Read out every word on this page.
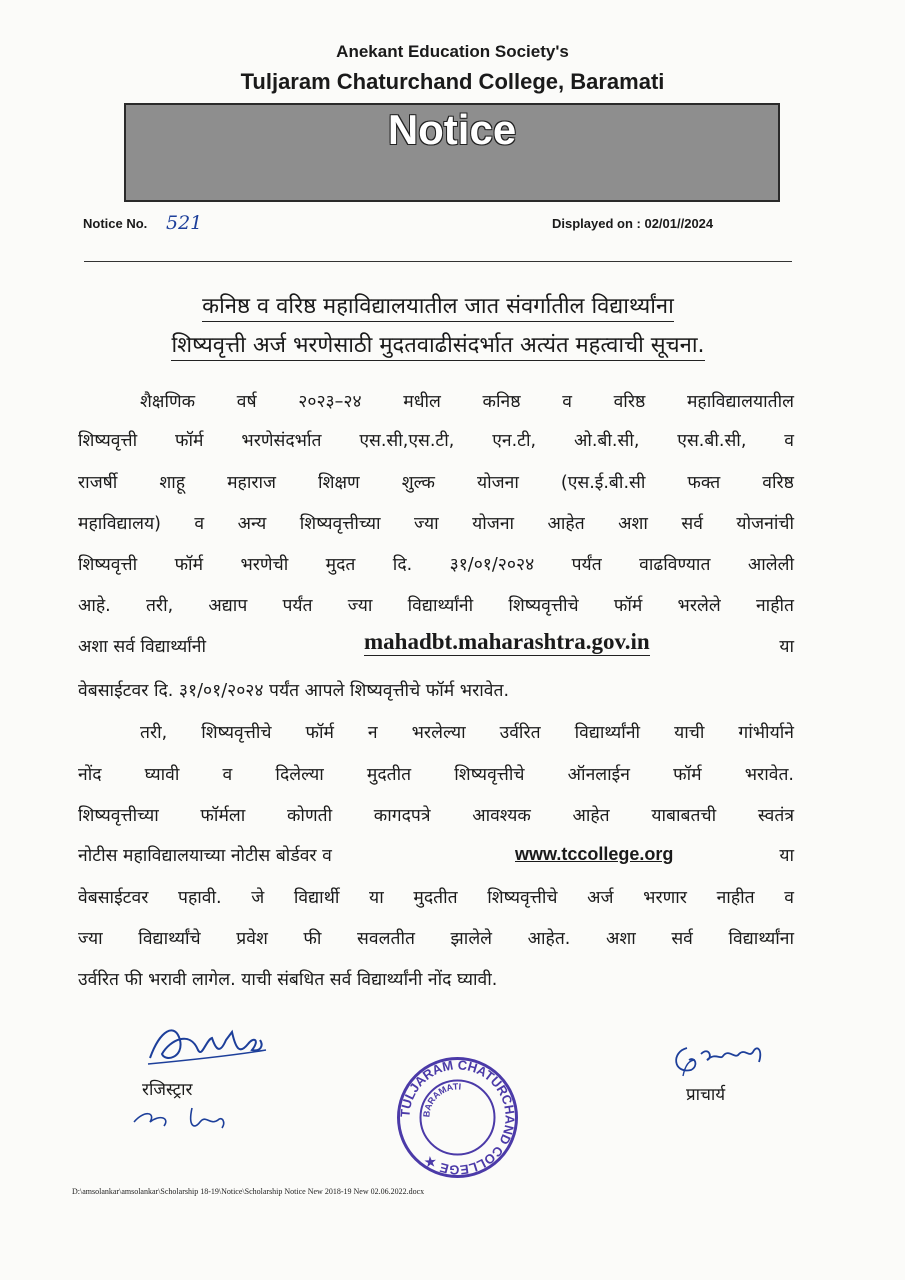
Anekant Education Society's
Tuljaram Chaturchand College, Baramati
Notice
Notice No. 521	Displayed on : 02/01//2024
कनिष्ठ व वरिष्ठ महाविद्यालयातील जात संवर्गातील विद्यार्थ्यांना
शिष्यवृत्ती अर्ज भरणेसाठी मुदतवाढीसंदर्भात अत्यंत महत्वाची सूचना.
शैक्षणिक वर्ष २०२३–२४ मधील कनिष्ठ व वरिष्ठ महाविद्यालयातील
शिष्यवृत्ती फॉर्म भरणेसंदर्भात एस.सी,एस.टी, एन.टी, ओ.बी.सी, एस.बी.सी, व
राजर्षी शाहू महाराज शिक्षण शुल्क योजना (एस.ई.बी.सी फक्त वरिष्ठ
महाविद्यालय) व अन्य शिष्यवृत्तीच्या ज्या योजना आहेत अशा सर्व योजनांची
शिष्यवृत्ती फॉर्म भरणेची मुदत दि. ३१/०१/२०२४ पर्यंत वाढविण्यात आलेली
आहे. तरी, अद्याप पर्यंत ज्या विद्यार्थ्यांनी शिष्यवृत्तीचे फॉर्म भरलेले नाहीत
अशा सर्व विद्यार्थ्यांनी	mahadbt.maharashtra.gov.in	या
वेबसाईटवर दि. ३१/०१/२०२४ पर्यंत आपले शिष्यवृत्तीचे फॉर्म भरावेत.
तरी, शिष्यवृत्तीचे फॉर्म न भरलेल्या उर्वरित विद्यार्थ्यांनी याची गांभीर्याने
नोंद घ्यावी व दिलेल्या मुदतीत शिष्यवृत्तीचे ऑनलाईन फॉर्म भरावेत.
शिष्यवृत्तीच्या फॉर्मला कोणती कागदपत्रे आवश्यक आहेत याबाबतची स्वतंत्र
नोटीस महाविद्यालयाच्या नोटीस बोर्डवर व	www.tccollege.org	या
वेबसाईटवर पहावी. जे विद्यार्थी या मुदतीत शिष्यवृत्तीचे अर्ज भरणार नाहीत व
ज्या विद्यार्थ्यांचे प्रवेश फी सवलतीत झालेले आहेत. अशा सर्व विद्यार्थ्यांना
उर्वरित फी भरावी लागेल. याची संबधित सर्व विद्यार्थ्यांनी नोंद घ्यावी.
रजिस्ट्रार	प्राचार्य
TULJARAM CHATURCHAND COLLEGE ★
BARAMATI
D:\amsolankar\amsolankar\Scholarship 18-19\Notice\Scholarship Notice New 2018-19 New 02.06.2022.docx
